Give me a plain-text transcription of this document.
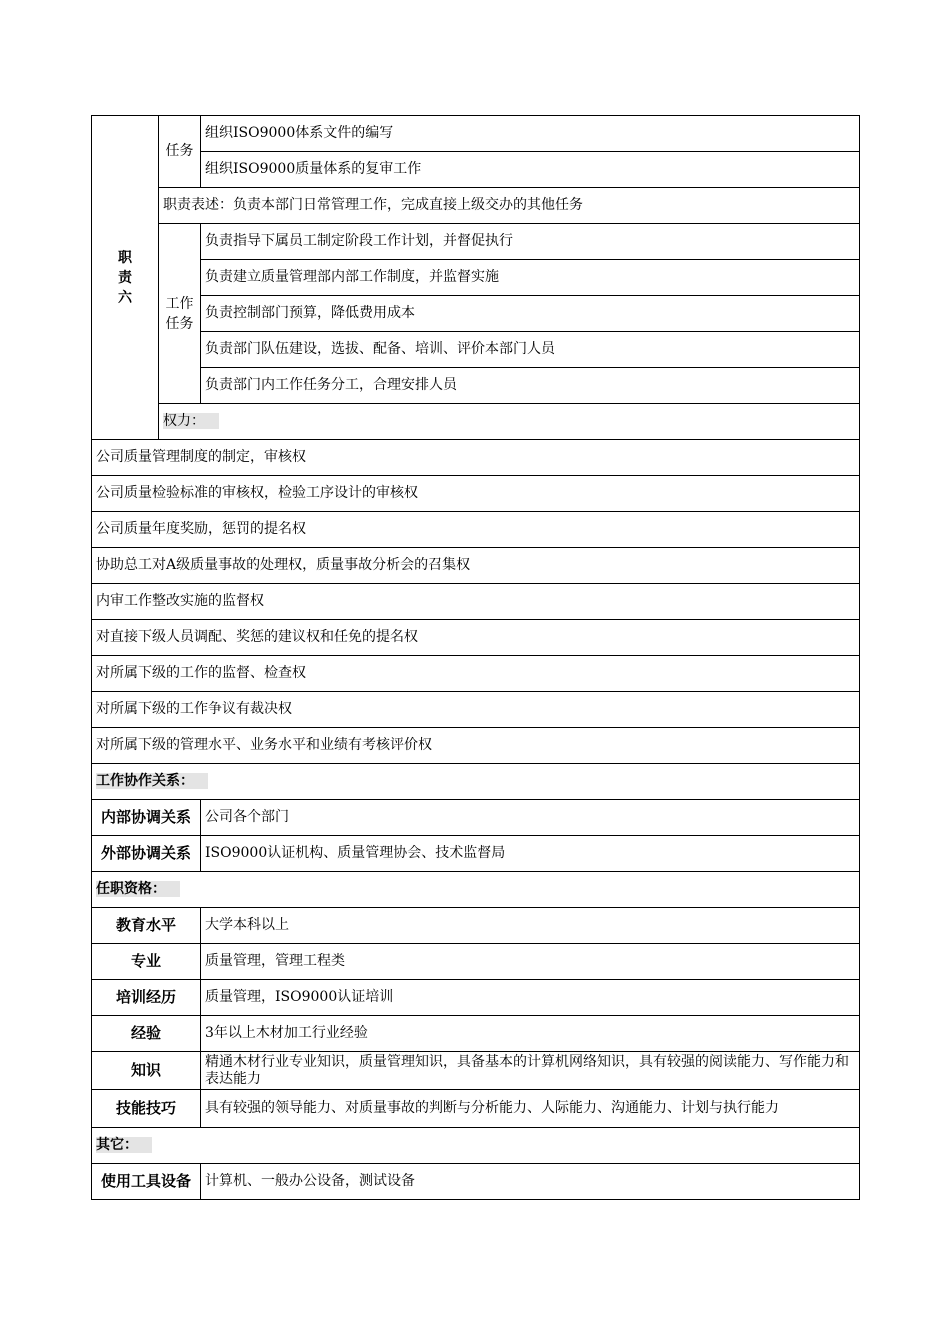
职责六	任务	组织ISO9000体系文件的编写
		组织ISO9000质量体系的复审工作
	职责表述：负责本部门日常管理工作，完成直接上级交办的其他任务	
	工作任务	负责指导下属员工制定阶段工作计划，并督促执行
		负责建立质量管理部内部工作制度，并监督实施
		负责控制部门预算，降低费用成本
		负责部门队伍建设，选拔、配备、培训、评价本部门人员
		负责部门内工作任务分工，合理安排人员
	权力：	
公司质量管理制度的制定，审核权		
公司质量检验标准的审核权，检验工序设计的审核权		
公司质量年度奖励，惩罚的提名权		
协助总工对A级质量事故的处理权，质量事故分析会的召集权		
内审工作整改实施的监督权		
对直接下级人员调配、奖惩的建议权和任免的提名权		
对所属下级的工作的监督、检查权		
对所属下级的工作争议有裁决权		
对所属下级的管理水平、业务水平和业绩有考核评价权		
工作协作关系：		
内部协调关系		公司各个部门
外部协调关系		ISO9000认证机构、质量管理协会、技术监督局
任职资格：		
教育水平		大学本科以上
专业		质量管理，管理工程类
培训经历		质量管理，ISO9000认证培训
经验		3年以上木材加工行业经验
知识		精通木材行业专业知识，质量管理知识，具备基本的计算机网络知识，具有较强的阅读能力、写作能力和表达能力
技能技巧		具有较强的领导能力、对质量事故的判断与分析能力、人际能力、沟通能力、计划与执行能力
其它：		
使用工具设备		计算机、一般办公设备，测试设备
